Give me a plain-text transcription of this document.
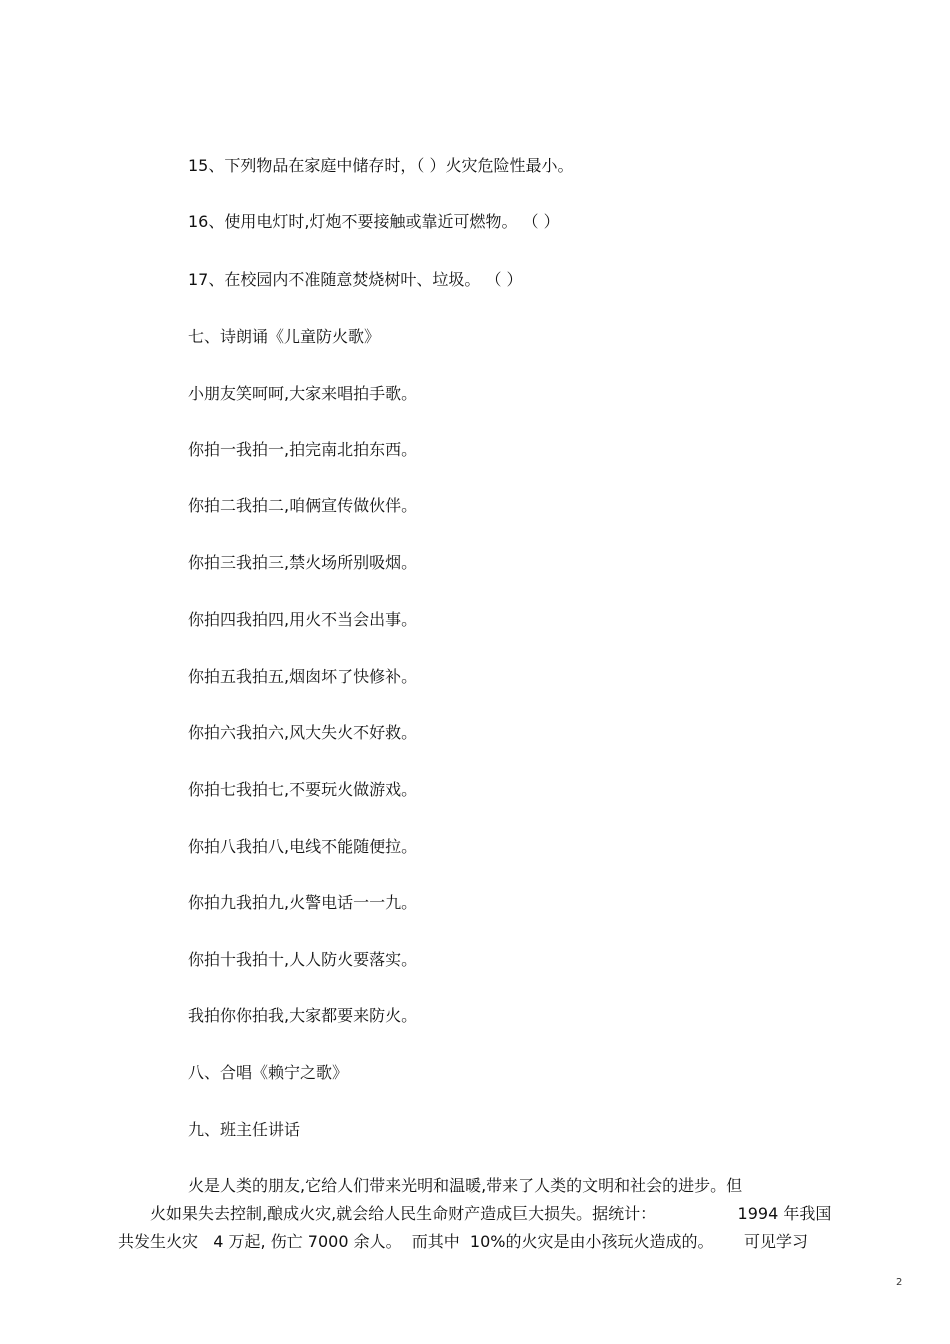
15、下列物品在家庭中储存时，（ ）火灾危险性最小。
16、使用电灯时,灯炮不要接触或靠近可燃物。 （ ）
17、在校园内不准随意焚烧树叶、垃圾。 （ ）
七、诗朗诵《儿童防火歌》
小朋友笑呵呵,大家来唱拍手歌。
你拍一我拍一,拍完南北拍东西。
你拍二我拍二,咱俩宣传做伙伴。
你拍三我拍三,禁火场所别吸烟。
你拍四我拍四,用火不当会出事。
你拍五我拍五,烟囱坏了快修补。
你拍六我拍六,风大失火不好救。
你拍七我拍七,不要玩火做游戏。
你拍八我拍八,电线不能随便拉。
你拍九我拍九,火警电话一一九。
你拍十我拍十,人人防火要落实。
我拍你你拍我,大家都要来防火。
八、合唱《赖宁之歌》
九、班主任讲话
火是人类的朋友,它给人们带来光明和温暖,带来了人类的文明和社会的进步。但
火如果失去控制,酿成火灾,就会给人民生命财产造成巨大损失。据统计：                1994 年我国
共发生火灾   4 万起, 伤亡 7000 余人。  而其中  10%的火灾是由小孩玩火造成的。      可见学习
2
